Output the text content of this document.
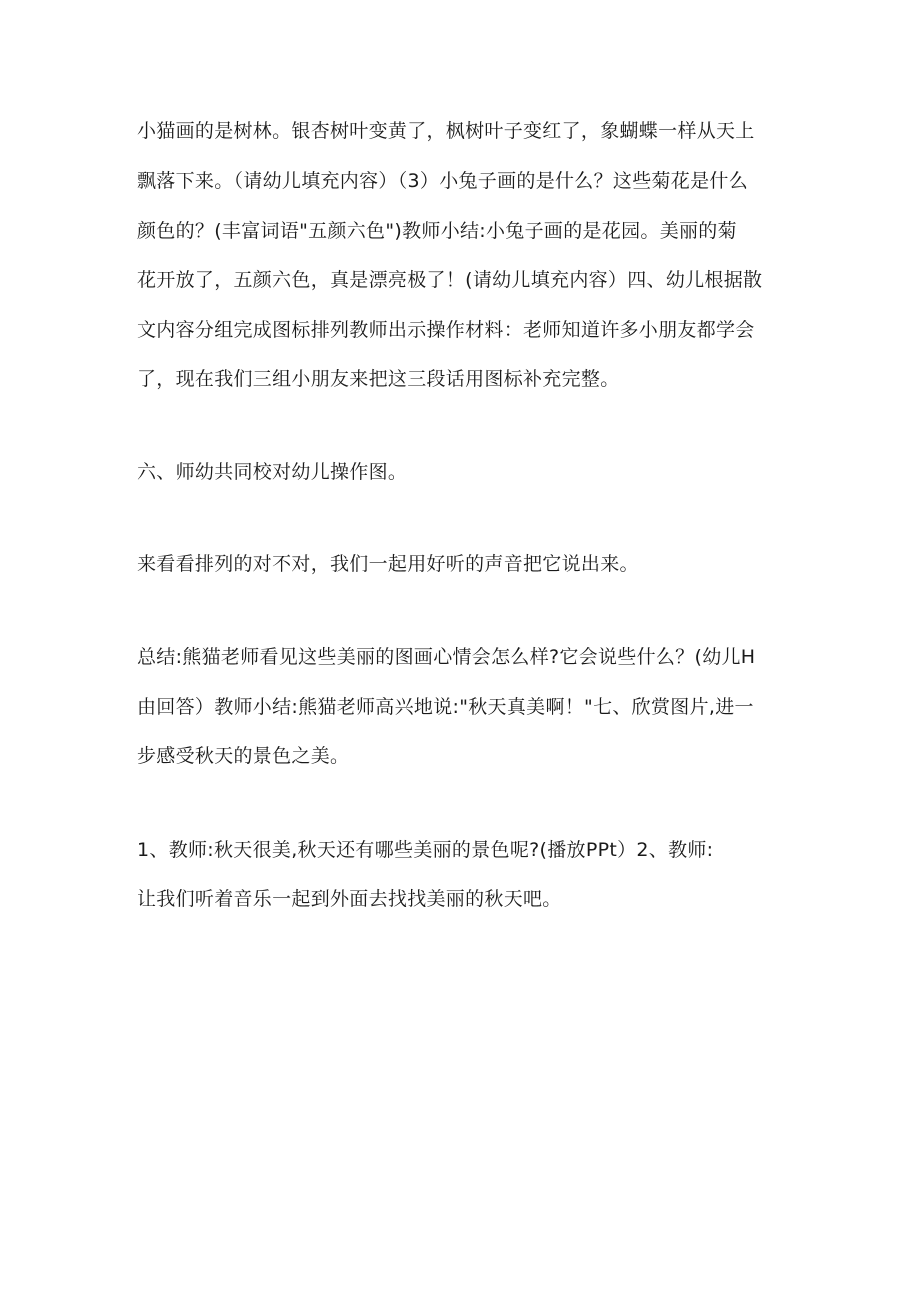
小猫画的是树林。银杏树叶变黄了，枫树叶子变红了，象蝴蝶一样从天上
飘落下来。（请幼儿填充内容）（3）小兔子画的是什么？这些菊花是什么
颜色的？(丰富词语"五颜六色")教师小结:小兔子画的是花园。美丽的菊
花开放了，五颜六色，真是漂亮极了！(请幼儿填充内容）四、幼儿根据散
文内容分组完成图标排列教师出示操作材料：老师知道许多小朋友都学会
了，现在我们三组小朋友来把这三段话用图标补充完整。
六、师幼共同校对幼儿操作图。
来看看排列的对不对，我们一起用好听的声音把它说出来。
总结:熊猫老师看见这些美丽的图画心情会怎么样?它会说些什么？(幼儿H
由回答）教师小结:熊猫老师高兴地说:"秋天真美啊！"七、欣赏图片,进一
步感受秋天的景色之美。
1、教师:秋天很美,秋天还有哪些美丽的景色呢?(播放PPt）2、教师:
让我们听着音乐一起到外面去找找美丽的秋天吧。
